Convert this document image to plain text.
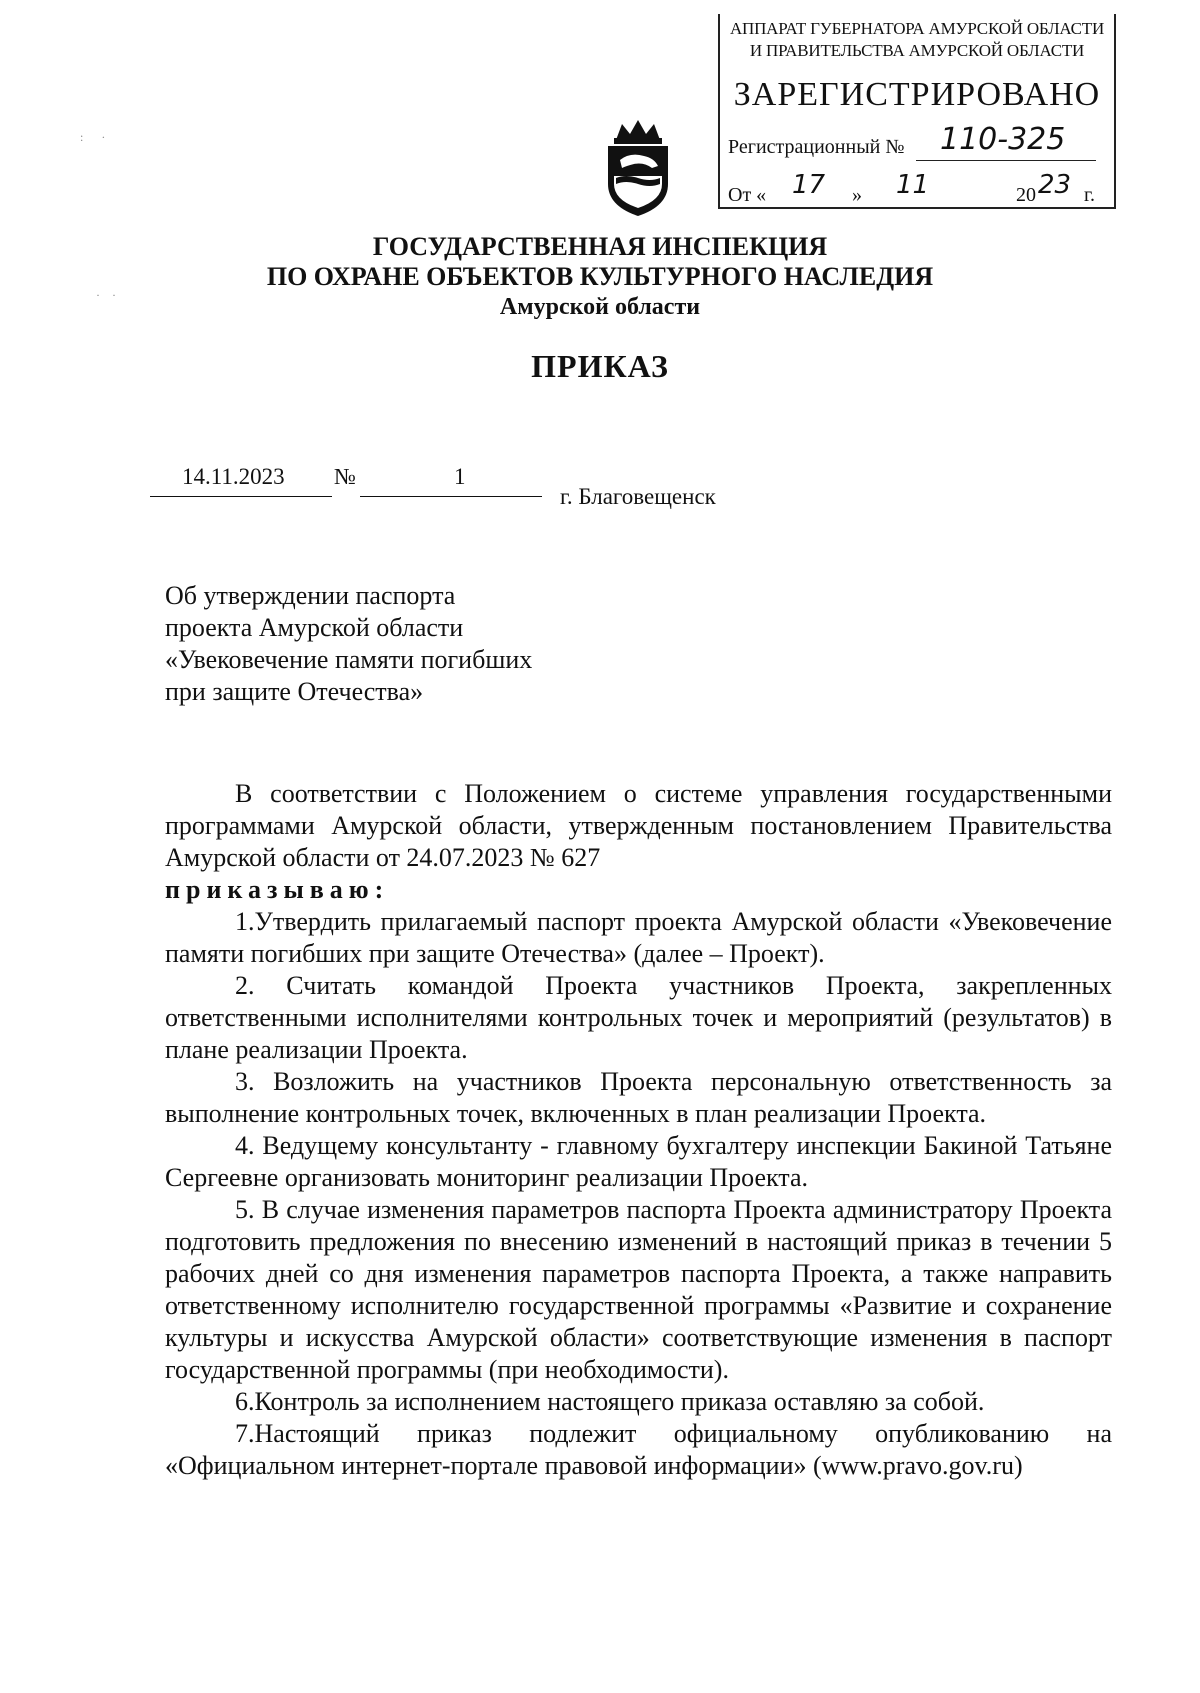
АППАРАТ ГУБЕРНАТОРА АМУРСКОЙ ОБЛАСТИ
И ПРАВИТЕЛЬСТВА АМУРСКОЙ ОБЛАСТИ
ЗАРЕГИСТРИРОВАНО
Регистрационный № 110-325
От « 17 » 11	20 23 г.
ГОСУДАРСТВЕННАЯ ИНСПЕКЦИЯ
ПО ОХРАНЕ ОБЪЕКТОВ КУЛЬТУРНОГО НАСЛЕДИЯ
Амурской области
ПРИКАЗ
14.11.2023 №	1
г. Благовещенск
Об утверждении паспорта
проекта Амурской области
«Увековечение памяти погибших
при защите Отечества»

В соответствии с Положением о системе управления государственными программами Амурской области, утвержденным постановлением Правительства Амурской области от 24.07.2023 № 627

приказываю:

1.Утвердить прилагаемый паспорт проекта Амурской области «Увековечение памяти погибших при защите Отечества» (далее – Проект).

2. Считать командой Проекта участников Проекта, закрепленных ответственными исполнителями контрольных точек и мероприятий (результатов) в плане реализации Проекта.

3. Возложить на участников Проекта персональную ответственность за выполнение контрольных точек, включенных в план реализации Проекта.

4. Ведущему консультанту - главному бухгалтеру инспекции Бакиной Татьяне Сергеевне организовать мониторинг реализации Проекта.

5. В случае изменения параметров паспорта Проекта администратору Проекта подготовить предложения по внесению изменений в настоящий приказ в течении 5 рабочих дней со дня изменения параметров паспорта Проекта, а также направить ответственному исполнителю государственной программы «Развитие и сохранение культуры и искусства Амурской области» соответствующие изменения в паспорт государственной программы (при необходимости).

6.Контроль за исполнением настоящего приказа оставляю за собой.

7.Настоящий приказ подлежит официальному опубликованию на «Официальном интернет-портале правовой информации» (www.pravo.gov.ru)

:      ·
·    ·
